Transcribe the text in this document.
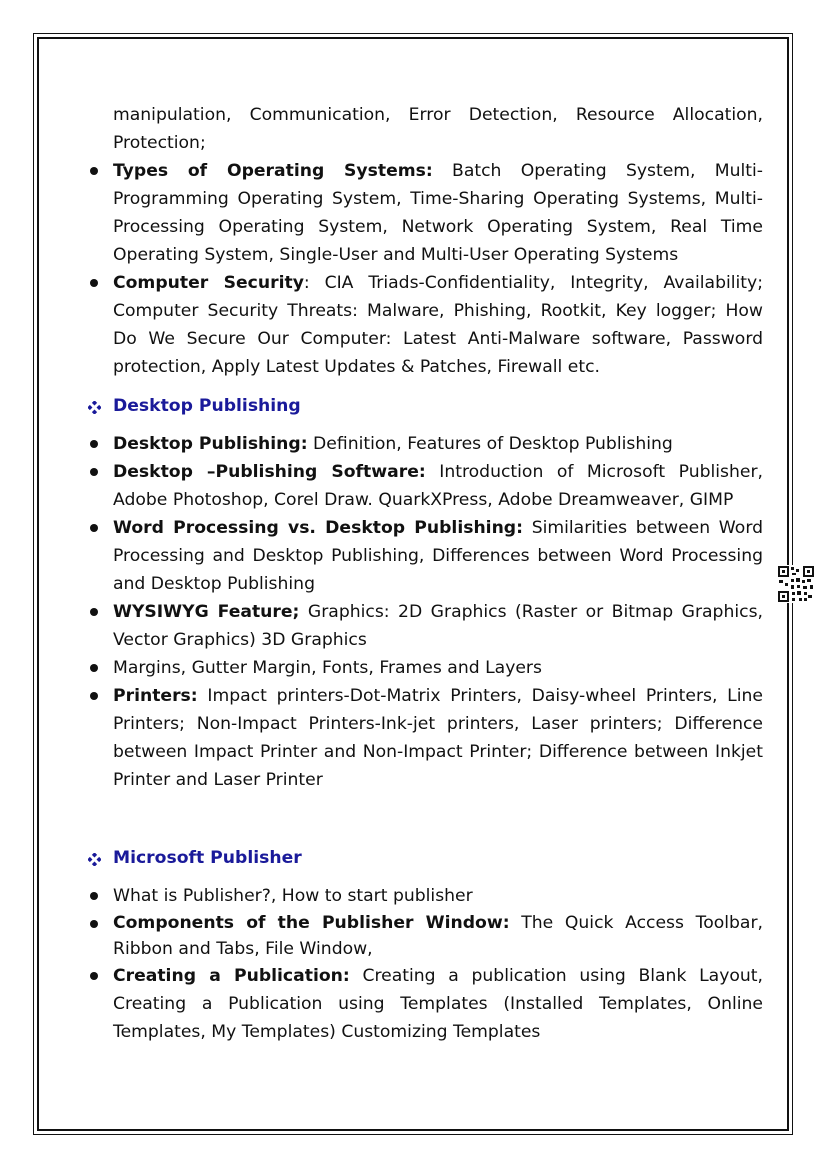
manipulation, Communication, Error Detection, Resource Allocation, Protection;

Types of Operating Systems: Batch Operating System, Multi-Programming Operating System, Time-Sharing Operating Systems, Multi-Processing Operating System, Network Operating System, Real Time Operating System, Single-User and Multi-User Operating Systems
Computer Security: CIA Triads-Confidentiality, Integrity, Availability; Computer Security Threats: Malware, Phishing, Rootkit, Key logger; How Do We Secure Our Computer: Latest Anti-Malware software, Password protection, Apply Latest Updates & Patches, Firewall etc.
Desktop Publishing
Desktop Publishing: Definition, Features of Desktop Publishing
Desktop –Publishing Software: Introduction of Microsoft Publisher, Adobe Photoshop, Corel Draw. QuarkXPress, Adobe Dreamweaver, GIMP
Word Processing vs. Desktop Publishing: Similarities between Word Processing and Desktop Publishing, Differences between Word Processing and Desktop Publishing
WYSIWYG Feature; Graphics: 2D Graphics (Raster or Bitmap Graphics, Vector Graphics) 3D Graphics
Margins, Gutter Margin, Fonts, Frames and Layers
Printers: Impact printers-Dot-Matrix Printers, Daisy-wheel Printers, Line Printers; Non-Impact Printers-Ink-jet printers, Laser printers; Difference between Impact Printer and Non-Impact Printer; Difference between Inkjet Printer and Laser Printer
Microsoft Publisher
What is Publisher?, How to start publisher
Components of the Publisher Window: The Quick Access Toolbar, Ribbon and Tabs, File Window,
Creating a Publication: Creating a publication using Blank Layout, Creating a Publication using Templates (Installed Templates, Online Templates, My Templates) Customizing Templates
